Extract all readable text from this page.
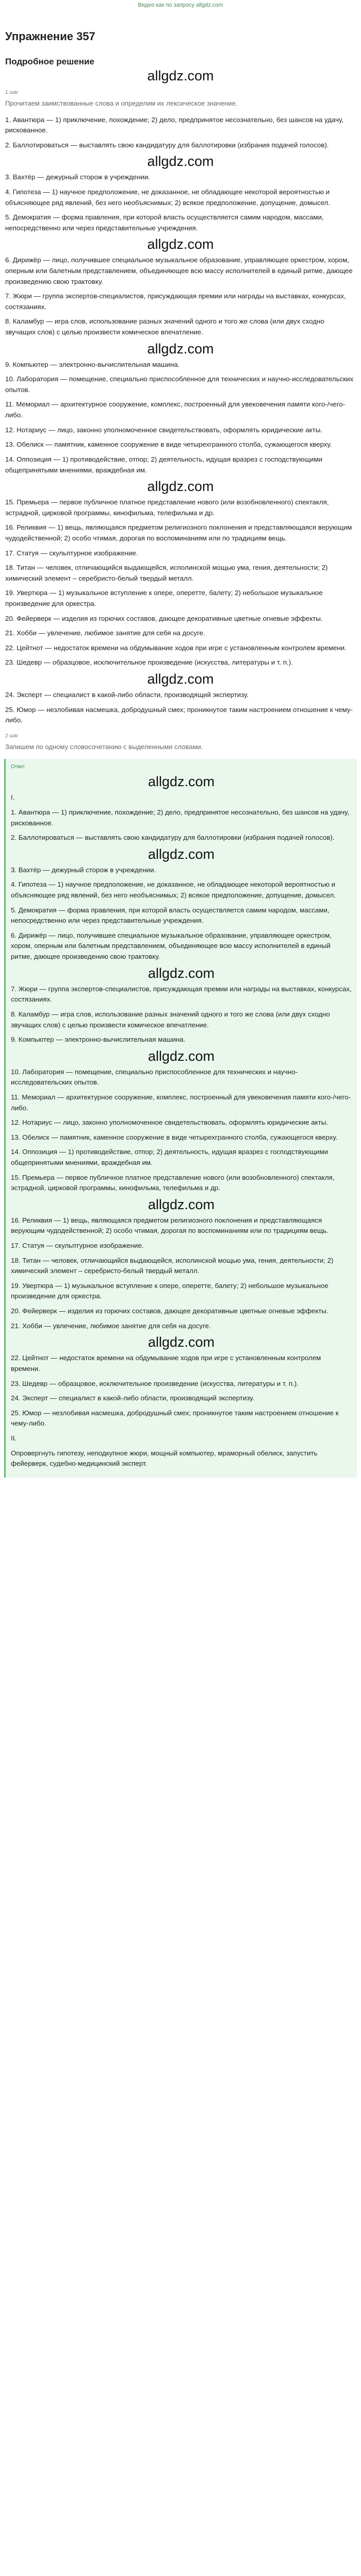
Видео как по запросу allgdz.com
Упражнение 357
Подробное решение
allgdz.com
1 шаг
Прочитаем заимствованные слова и определим их лексическое значение.
1. Авантюра — 1) приключение, похождение; 2) дело, предпринятое несознательно, без шансов на удачу, рискованное.
2. Баллотироваться — выставлять свою кандидатуру для баллотировки (избрания подачей голосов).
allgdz.com
3. Вахтёр — дежурный сторож в учреждении.
4. Гипотеза — 1) научное предположение, не доказанное, не обладающее некоторой вероятностью и объясняющее ряд явлений, без него необъяснимых; 2) всякое предположение, допущение, домысел.
5. Демократия — форма правления, при которой власть осуществляется самим народом, массами, непосредственно или через представительные учреждения.
allgdz.com
6. Дирижёр — лицо, получившее специальное музыкальное образование, управляющее оркестром, хором, оперным или балетным представлением, объединяющее всю массу исполнителей в единый ритме, дающее произведению свою трактовку.
7. Жюри — группа экспертов-специалистов, присуждающая премии или награды на выставках, конкурсах, состязаниях.
8. Каламбур — игра слов, использование разных значений одного и того же слова (или двух сходно звучащих слов) с целью произвести комическое впечатление.
allgdz.com
9. Компьютер — электронно-вычислительная машина.
10. Лаборатория — помещение, специально приспособленное для технических и научно-исследовательских опытов.
11. Мемориал — архитектурное сооружение, комплекс, построенный для увековечения памяти кого-/чего-либо.
12. Нотариус — лицо, законно уполномоченное свидетельствовать, оформлять юридические акты.
13. Обелиск — памятник, каменное сооружение в виде четырехгранного столба, сужающегося кверху.
14. Оппозиция — 1) противодействие, отпор; 2) деятельность, идущая вразрез с господствующими общепринятыми мнениями, враждебная им.
allgdz.com
15. Премьера — первое публичное платное представление нового (или возобновленного) спектакля, эстрадной, цирковой программы, кинофильма, телефильма и др.
16. Реликвия — 1) вещь, являющаяся предметом религиозного поклонения и представляющаяся верующим чудодейственной; 2) особо чтимая, дорогая по воспоминаниям или по традициям вещь.
17. Статуя — скульптурное изображение.
18. Титан — человек, отличающийся выдающейся, исполинской мощью ума, гения, деятельности; 2) химический элемент – серебристо-белый твердый металл.
19. Увертюра — 1) музыкальное вступление к опере, оперетте, балету; 2) небольшое музыкальное произведение для оркестра.
20. Фейерверк — изделия из горючих составов, дающее декоративные цветные огневые эффекты.
21. Хобби — увлечение, любимое занятие для себя на досуге.
22. Цейтнот — недостаток времени на обдумывание ходов при игре с установленным контролем времени.
23. Шедевр — образцовое, исключительное произведение (искусства, литературы и т. п.).
allgdz.com
24. Эксперт — специалист в какой-либо области, производящий экспертизу.
25. Юмор — незлобивая насмешка, добродушный смех; проникнутое таким настроением отношение к чему-либо.
2 шаг
Запишем по одному словосочетанию с выделенными словами.
Ответ
allgdz.com
I.
1. Авантюра — 1) приключение, похождение; 2) дело, предпринятое несознательно, без шансов на удачу, рискованное.
2. Баллотироваться — выставлять свою кандидатуру для баллотировки (избрания подачей голосов).
allgdz.com
3. Вахтёр — дежурный сторож в учреждении.
4. Гипотеза — 1) научное предположение, не доказанное, не обладающее некоторой вероятностью и объясняющее ряд явлений, без него необъяснимых; 2) всякое предположение, допущение, домысел.
5. Демократия — форма правления, при которой власть осуществляется самим народом, массами, непосредственно или через представительные учреждения.
6. Дирижёр — лицо, получившее специальное музыкальное образование, управляющее оркестром, хором, оперным или балетным представлением, объединяющее всю массу исполнителей в единый ритме, дающее произведению свою трактовку.
allgdz.com
7. Жюри — группа экспертов-специалистов, присуждающая премии или награды на выставках, конкурсах, состязаниях.
8. Каламбур — игра слов, использование разных значений одного и того же слова (или двух сходно звучащих слов) с целью произвести комическое впечатление.
9. Компьютер — электронно-вычислительная машина.
allgdz.com
10. Лаборатория — помещение, специально приспособленное для технических и научно-исследовательских опытов.
11. Мемориал — архитектурное сооружение, комплекс, построенный для увековечения памяти кого-/чего-либо.
12. Нотариус — лицо, законно уполномоченное свидетельствовать, оформлять юридические акты.
13. Обелиск — памятник, каменное сооружение в виде четырехгранного столба, сужающегося кверху.
14. Оппозиция — 1) противодействие, отпор; 2) деятельность, идущая вразрез с господствующими общепринятыми мнениями, враждебная им.
15. Премьера — первое публичное платное представление нового (или возобновленного) спектакля, эстрадной, цирковой программы, кинофильма, телефильма и др.
allgdz.com
16. Реликвия — 1) вещь, являющаяся предметом религиозного поклонения и представляющаяся верующим чудодейственной; 2) особо чтимая, дорогая по воспоминаниям или по традициям вещь.
17. Статуя — скульптурное изображение.
18. Титан — человек, отличающийся выдающейся, исполинской мощью ума, гения, деятельности; 2) химический элемент – серебристо-белый твердый металл.
19. Увертюра — 1) музыкальное вступление к опере, оперетте, балету; 2) небольшое музыкальное произведение для оркестра.
20. Фейерверк — изделия из горючих составов, дающее декоративные цветные огневые эффекты.
21. Хобби — увлечение, любимое занятие для себя на досуге.
allgdz.com
22. Цейтнот — недостаток времени на обдумывание ходов при игре с установленным контролем времени.
23. Шедевр — образцовое, исключительное произведение (искусства, литературы и т. п.).
24. Эксперт — специалист в какой-либо области, производящий экспертизу.
25. Юмор — незлобивая насмешка, добродушный смех; проникнутое таким настроением отношение к чему-либо.
II.
Опровергнуть гипотезу, неподкупное жюри, мощный компьютер, мраморный обелиск, запустить фейерверк, судебно-медицинский эксперт.
